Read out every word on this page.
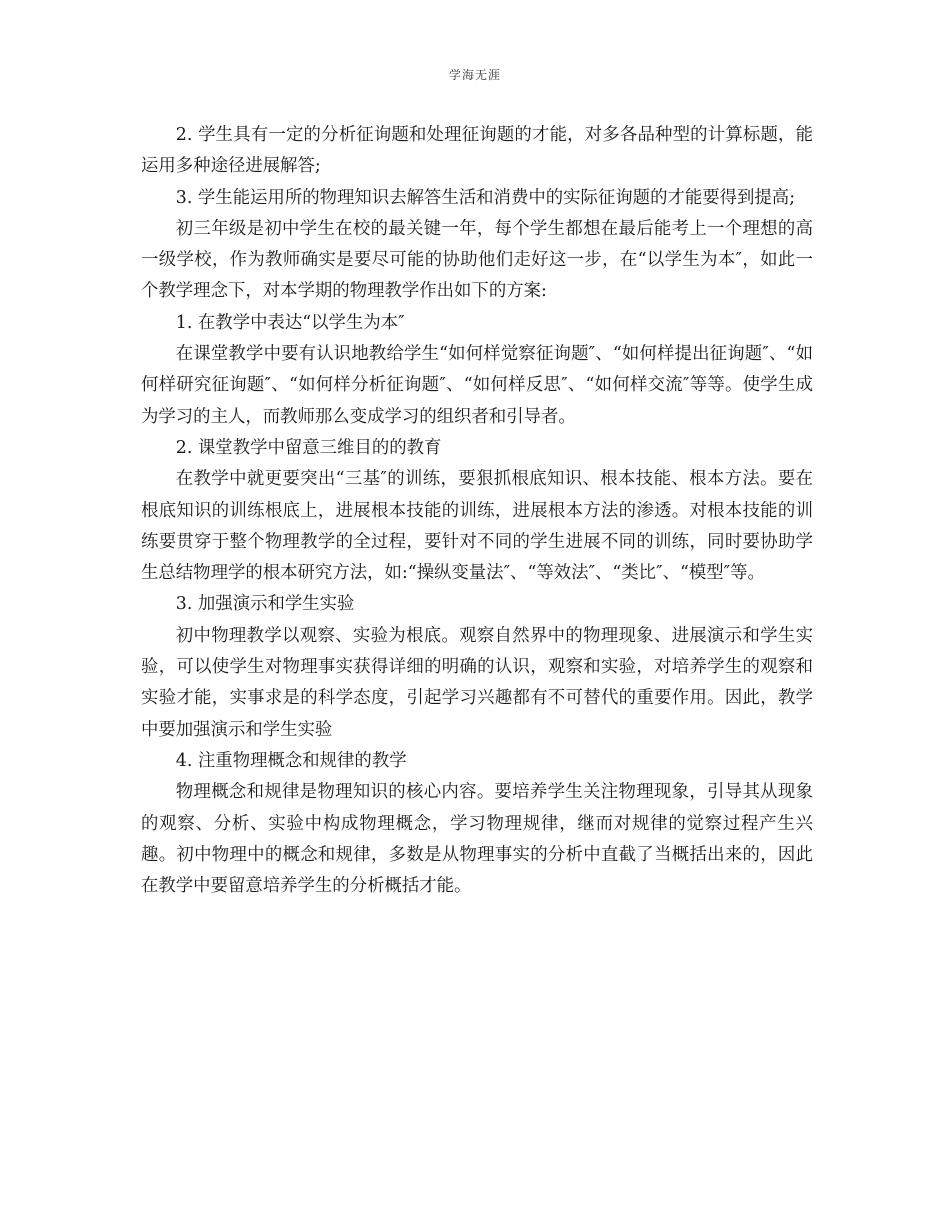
学海无涯

2. 学生具有一定的分析征询题和处理征询题的才能，对多各品种型的计算标题，能运用多种途径进展解答;

3. 学生能运用所的物理知识去解答生活和消费中的实际征询题的才能要得到提高;

初三年级是初中学生在校的最关键一年，每个学生都想在最后能考上一个理想的高一级学校，作为教师确实是要尽可能的协助他们走好这一步，在“以学生为本″，如此一个教学理念下，对本学期的物理教学作出如下的方案:

1. 在教学中表达“以学生为本″

在课堂教学中要有认识地教给学生“如何样觉察征询题″、“如何样提出征询题″、“如何样研究征询题″、“如何样分析征询题″、“如何样反思″、“如何样交流″等等。使学生成为学习的主人，而教师那么变成学习的组织者和引导者。

2. 课堂教学中留意三维目的的教育

在教学中就更要突出“三基″的训练，要狠抓根底知识、根本技能、根本方法。要在根底知识的训练根底上，进展根本技能的训练，进展根本方法的渗透。对根本技能的训练要贯穿于整个物理教学的全过程，要针对不同的学生进展不同的训练，同时要协助学生总结物理学的根本研究方法，如:“操纵变量法″、“等效法″、“类比″、“模型″等。

3. 加强演示和学生实验

初中物理教学以观察、实验为根底。观察自然界中的物理现象、进展演示和学生实验，可以使学生对物理事实获得详细的明确的认识，观察和实验，对培养学生的观察和实验才能，实事求是的科学态度，引起学习兴趣都有不可替代的重要作用。因此，教学中要加强演示和学生实验

4. 注重物理概念和规律的教学

物理概念和规律是物理知识的核心内容。要培养学生关注物理现象，引导其从现象的观察、分析、实验中构成物理概念，学习物理规律，继而对规律的觉察过程产生兴趣。初中物理中的概念和规律，多数是从物理事实的分析中直截了当概括出来的，因此在教学中要留意培养学生的分析概括才能。
